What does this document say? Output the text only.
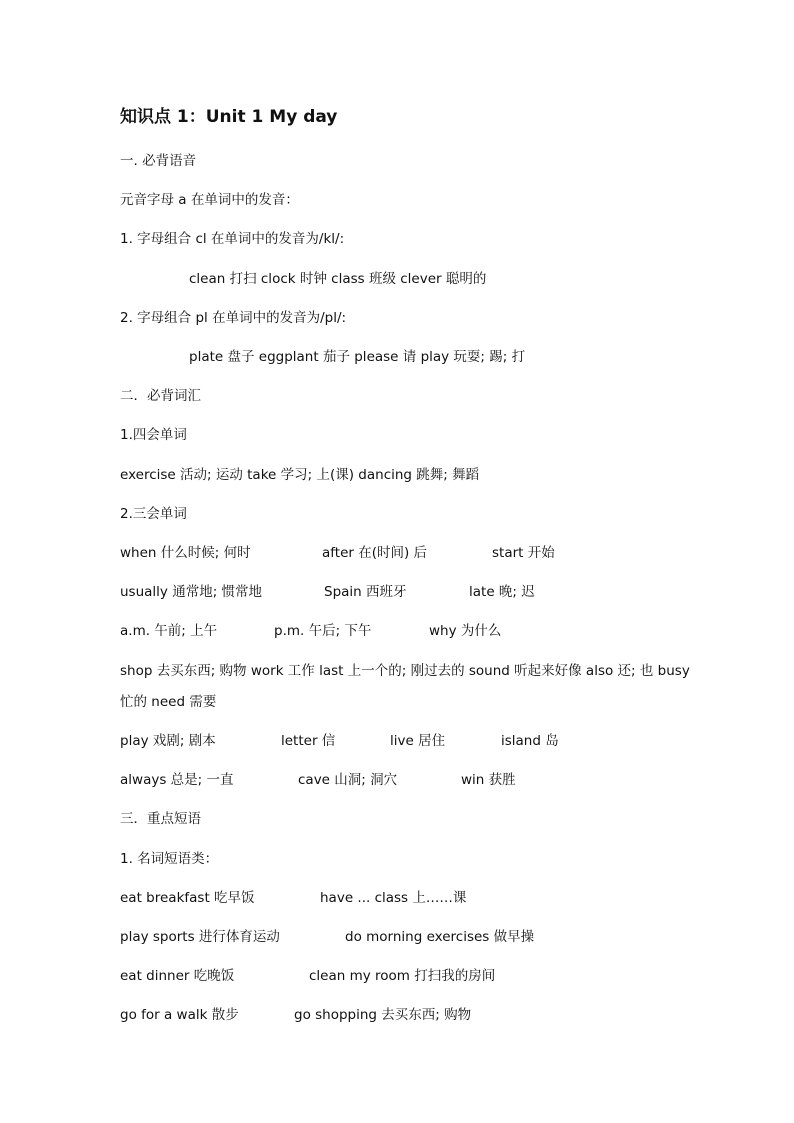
知识点 1：Unit 1 My day
一. 必背语音
元音字母 a 在单词中的发音：
1. 字母组合 cl 在单词中的发音为/kl/:
clean 打扫 clock 时钟 class 班级 clever 聪明的
2. 字母组合 pl 在单词中的发音为/pl/:
plate 盘子 eggplant 茄子 please 请 play 玩耍; 踢; 打
二．必背词汇
1.四会单词
exercise 活动; 运动 take 学习; 上(课) dancing 跳舞; 舞蹈
2.三会单词
when 什么时候; 何时	after 在(时间) 后	start 开始
usually 通常地; 惯常地	Spain 西班牙	late 晚; 迟
a.m. 午前; 上午	p.m. 午后; 下午	why 为什么
shop 去买东西; 购物 work 工作 last 上一个的; 刚过去的 sound 听起来好像 also 还; 也 busy 忙的 need 需要
play 戏剧; 剧本	letter 信	live 居住	island 岛
always 总是; 一直	cave 山洞; 洞穴	win 获胜
三．重点短语
1. 名词短语类：
eat breakfast 吃早饭	have ... class 上……课
play sports 进行体育运动	do morning exercises 做早操
eat dinner 吃晚饭	clean my room 打扫我的房间
go for a walk 散步	go shopping 去买东西; 购物
